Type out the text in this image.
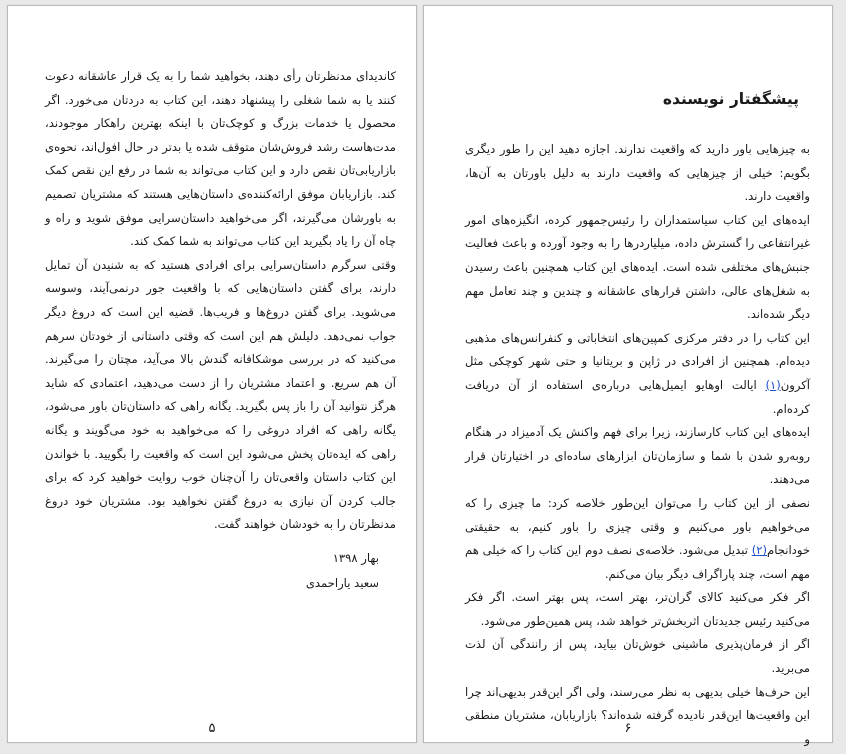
کاندیدای مدنظرتان رأی دهند، بخواهید شما را به یک قرار عاشقانه دعوت کنند یا به شما شغلی را پیشنهاد دهند، این کتاب به دردتان می‌خورد. اگر محصول یا خدمات بزرگ و کوچک‌تان با اینکه بهترین راهکار موجودند، مدت‌هاست رشد فروش‌شان متوقف شده یا بدتر در حال افول‌اند، نحوه‌ی بازاریابی‌تان نقص دارد و این کتاب می‌تواند به شما در رفع این نقص کمک کند. بازاریابان موفق ارائه‌کننده‌ی داستان‌هایی هستند که مشتریان تصمیم به باورشان می‌گیرند، اگر می‌خواهید داستان‌سرایی موفق شوید و راه و چاه آن را یاد بگیرید این کتاب می‌تواند به شما کمک کند.

وقتی سرگرم داستان‌سرایی برای افرادی هستید که به شنیدن آن تمایل دارند، برای گفتن داستان‌هایی که با واقعیت جور درنمی‌آیند، وسوسه می‌شوید. برای گفتن دروغ‌ها و فریب‌ها. قضیه این است که دروغ دیگر جواب نمی‌دهد. دلیلش هم این است که وقتی داستانی از خودتان سرهم می‌کنید که در بررسی موشکافانه گندش بالا می‌آید، مچتان را می‌گیرند. آن هم سریع. و اعتماد مشتریان را از دست می‌دهید، اعتمادی که شاید هرگز نتوانید آن را باز پس بگیرید. یگانه راهی که داستان‌تان باور می‌شود، یگانه راهی که افراد دروغی را که می‌خواهید به خود می‌گویند و یگانه راهی که ایده‌تان پخش می‌شود این است که واقعیت را بگویید. با خواندن این کتاب داستان واقعی‌تان را آن‌چنان خوب روایت خواهید کرد که برای جالب کردن آن نیازی به دروغ گفتن نخواهید بود. مشتریان خود دروغ مدنظرتان را به خودشان خواهند گفت.

بهار ۱۳۹۸
سعید یاراحمدی
۵
پیشگفتار نویسنده

به چیزهایی باور دارید که واقعیت ندارند. اجازه دهید این را طور دیگری بگویم: خیلی از چیزهایی که واقعیت دارند به دلیل باورتان به آن‌ها، واقعیت دارند.

ایده‌های این کتاب سیاستمداران را رئیس‌جمهور کرده، انگیزه‌های امور غیرانتفاعی را گسترش داده، میلیاردرها را به وجود آورده و باعث فعالیت جنبش‌های مختلفی شده است. ایده‌های این کتاب همچنین باعث رسیدن به شغل‌های عالی، داشتن قرارهای عاشقانه و چندین و چند تعامل مهم دیگر شده‌اند.

این کتاب را در دفتر مرکزی کمپین‌های انتخاباتی و کنفرانس‌های مذهبی دیده‌ام. همچنین از افرادی در ژاپن و بریتانیا و حتی شهر کوچکی مثل آکرون(۱) ایالت اوهایو ایمیل‌هایی درباره‌ی استفاده از آن دریافت کرده‌ام.

ایده‌های این کتاب کارسازند، زیرا برای فهم واکنش یک آدمیزاد در هنگام روبه‌رو شدن با شما و سازمان‌تان ابزارهای ساده‌ای در اختیارتان قرار می‌دهند.

نصفی از این کتاب را می‌توان این‌طور خلاصه کرد: ما چیزی را که می‌خواهیم باور می‌کنیم و وقتی چیزی را باور کنیم، به حقیقتی خودانجام(۲) تبدیل می‌شود. خلاصه‌ی نصف دوم این کتاب را که خیلی هم مهم است، چند پاراگراف دیگر بیان می‌کنم.

اگر فکر می‌کنید کالای گران‌تر، بهتر است، پس بهتر است. اگر فکر می‌کنید رئیس جدیدتان اثربخش‌تر خواهد شد، پس همین‌طور می‌شود.

اگر از فرمان‌پذیری ماشینی خوش‌تان بیاید، پس از رانندگی آن لذت می‌برید.

این حرف‌ها خیلی بدیهی به نظر می‌رسند، ولی اگر این‌قدر بدیهی‌اند چرا این واقعیت‌ها این‌قدر نادیده گرفته شده‌اند؟ بازاریابان، مشتریان منطقی و

۶
